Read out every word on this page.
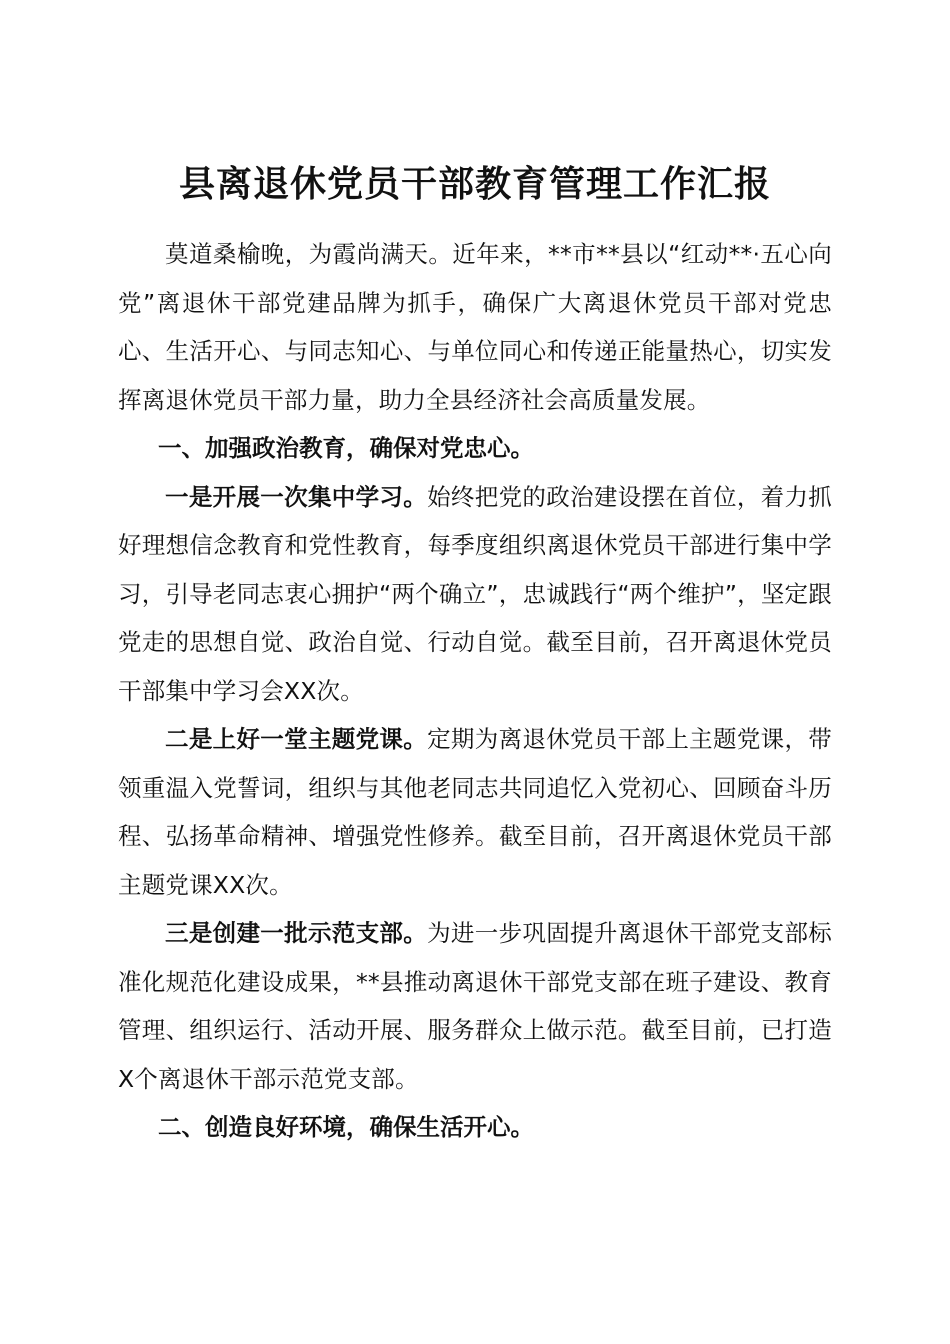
县离退休党员干部教育管理工作汇报

莫道桑榆晚，为霞尚满天。近年来，**市**县以“红动**·五心向党”离退休干部党建品牌为抓手，确保广大离退休党员干部对党忠心、生活开心、与同志知心、与单位同心和传递正能量热心，切实发挥离退休党员干部力量，助力全县经济社会高质量发展。

一、加强政治教育，确保对党忠心。

一是开展一次集中学习。始终把党的政治建设摆在首位，着力抓好理想信念教育和党性教育，每季度组织离退休党员干部进行集中学习，引导老同志衷心拥护“两个确立”，忠诚践行“两个维护”，坚定跟党走的思想自觉、政治自觉、行动自觉。截至目前，召开离退休党员干部集中学习会XX次。

二是上好一堂主题党课。定期为离退休党员干部上主题党课，带领重温入党誓词，组织与其他老同志共同追忆入党初心、回顾奋斗历程、弘扬革命精神、增强党性修养。截至目前，召开离退休党员干部主题党课XX次。

三是创建一批示范支部。为进一步巩固提升离退休干部党支部标准化规范化建设成果，**县推动离退休干部党支部在班子建设、教育管理、组织运行、活动开展、服务群众上做示范。截至目前，已打造X个离退休干部示范党支部。

二、创造良好环境，确保生活开心。
